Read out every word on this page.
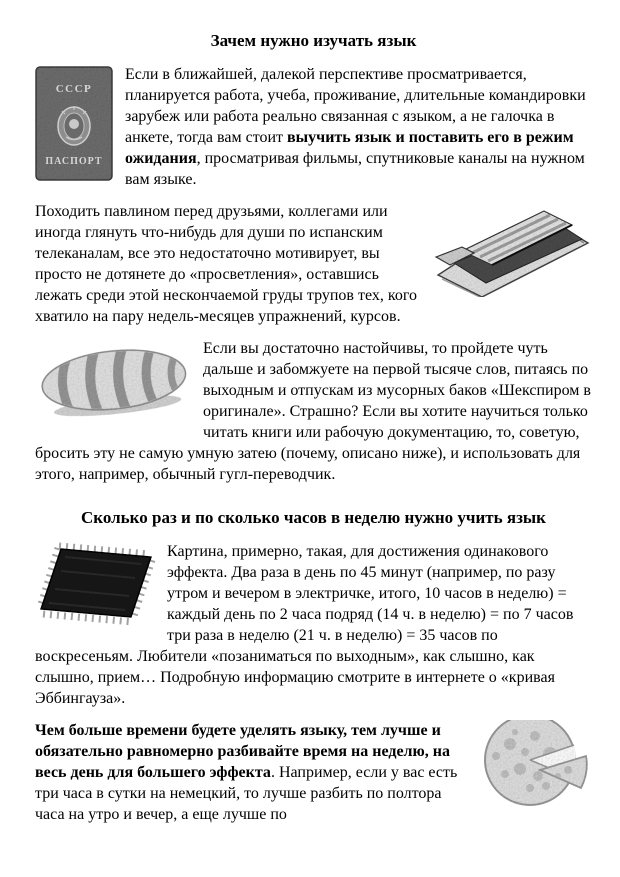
Зачем нужно изучать язык
СССР
ПАСПОРТ

Если в ближайшей, далекой перспективе просматривается, планируется работа, учеба, проживание, длительные командировки зарубеж или работа реально связанная с языком, а не галочка в анкете, тогда вам стоит выучить язык и поставить его в режим ожидания, просматривая фильмы, спутниковые каналы на нужном вам языке.

Походить павлином перед друзьями, коллегами или иногда глянуть что-нибудь для души по испанским телеканалам, все это недостаточно мотивирует, вы просто не дотянете до «просветления», оставшись лежать среди этой нескончаемой груды трупов тех, кого хватило на пару недель-месяцев упражнений, курсов.

Если вы достаточно настойчивы, то пройдете чуть дальше и забомжуете на первой тысяче слов, питаясь по выходным и отпускам из мусорных баков «Шекспиром в оригинале». Страшно? Если вы хотите научиться только читать книги или рабочую документацию, то, советую, бросить эту не самую умную затею (почему, описано ниже), и использовать для этого, например, обычный гугл-переводчик.

Сколько раз и по сколько часов в неделю нужно учить язык

Картина, примерно, такая, для достижения одинакового эффекта. Два раза в день по 45 минут (например, по разу утром и вечером в электричке, итого, 10 часов в неделю) = каждый день по 2 часа подряд (14 ч. в неделю) = по 7 часов три раза в неделю (21 ч. в неделю) = 35 часов по воскресеньям. Любители «позаниматься по выходным», как слышно, как слышно, прием… Подробную информацию смотрите в интернете о «кривая Эббингауза».

Чем больше времени будете уделять языку, тем лучше и обязательно равномерно разбивайте время на неделю, на весь день для большего эффекта. Например, если у вас есть три часа в сутки на немецкий, то лучше разбить по полтора часа на утро и вечер, а еще лучше по
